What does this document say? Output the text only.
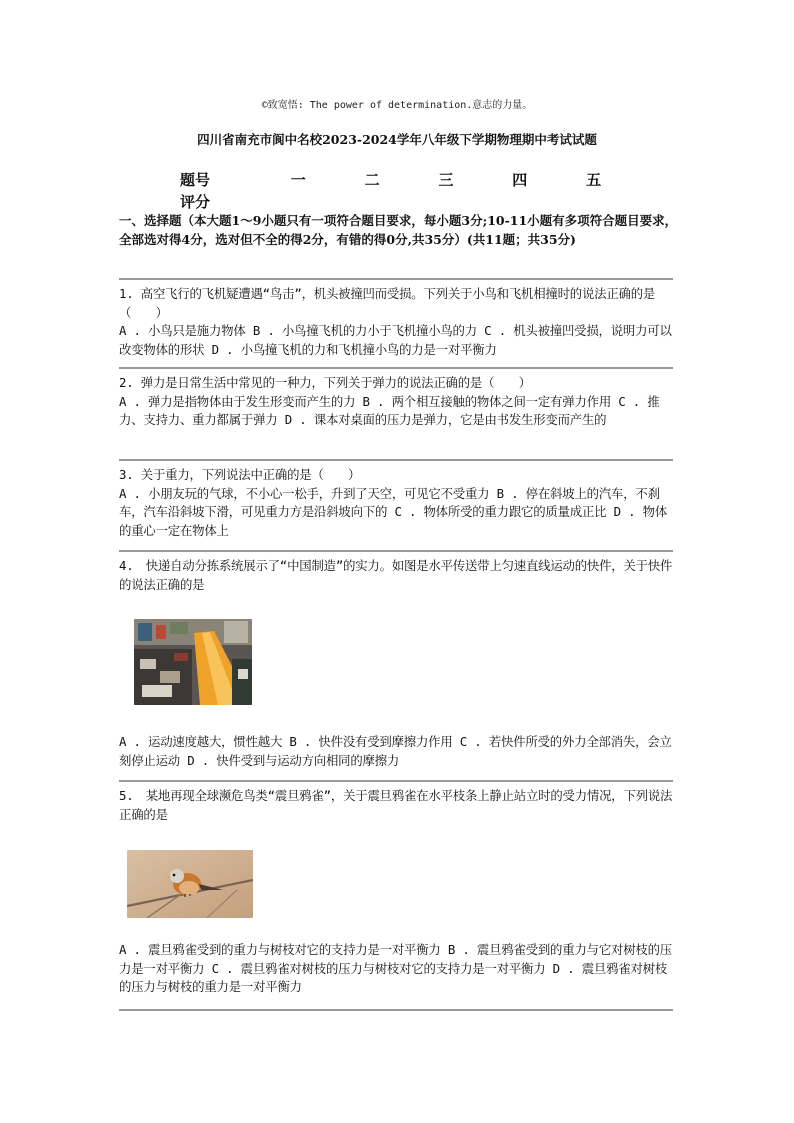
©致宽悟: The power of determination.意志的力量。
四川省南充市阆中名校2023-2024学年八年级下学期物理期中考试试题
题号	一	二	三	四	五
评分
一、选择题（本大题1～9小题只有一项符合题目要求，每小题3分;10-11小题有多项符合题目要求，全部选对得4分，选对但不全的得2分，有错的得0分,共35分）(共11题；共35分)

1. 高空飞行的飞机疑遭遇“鸟击”，机头被撞凹而受损。下列关于小鸟和飞机相撞时的说法正确的是（　　）

A . 小鸟只是施力物体 B . 小鸟撞飞机的力小于飞机撞小鸟的力 C . 机头被撞凹受损，说明力可以改变物体的形状 D . 小鸟撞飞机的力和飞机撞小鸟的力是一对平衡力

2. 弹力是日常生活中常见的一种力，下列关于弹力的说法正确的是（　　）

A . 弹力是指物体由于发生形变而产生的力 B . 两个相互接触的物体之间一定有弹力作用 C . 推力、支持力、重力都属于弹力 D . 课本对桌面的压力是弹力，它是由书发生形变而产生的

3. 关于重力，下列说法中正确的是（　　）

A . 小朋友玩的气球，不小心一松手，升到了天空，可见它不受重力 B . 停在斜坡上的汽车，不刹车，汽车沿斜坡下滑，可见重力方是沿斜坡向下的 C . 物体所受的重力跟它的质量成正比 D . 物体的重心一定在物体上

4.　快递自动分拣系统展示了“中国制造”的实力。如图是水平传送带上匀速直线运动的快件，关于快件的说法正确的是

A . 运动速度越大，惯性越大 B . 快件没有受到摩擦力作用 C . 若快件所受的外力全部消失，会立刻停止运动 D . 快件受到与运动方向相同的摩擦力

5.　某地再现全球濒危鸟类“震旦鸦雀”，关于震旦鸦雀在水平枝条上静止站立时的受力情况，下列说法正确的是

A . 震旦鸦雀受到的重力与树枝对它的支持力是一对平衡力 B . 震旦鸦雀受到的重力与它对树枝的压力是一对平衡力 C . 震旦鸦雀对树枝的压力与树枝对它的支持力是一对平衡力 D . 震旦鸦雀对树枝的压力与树枝的重力是一对平衡力
